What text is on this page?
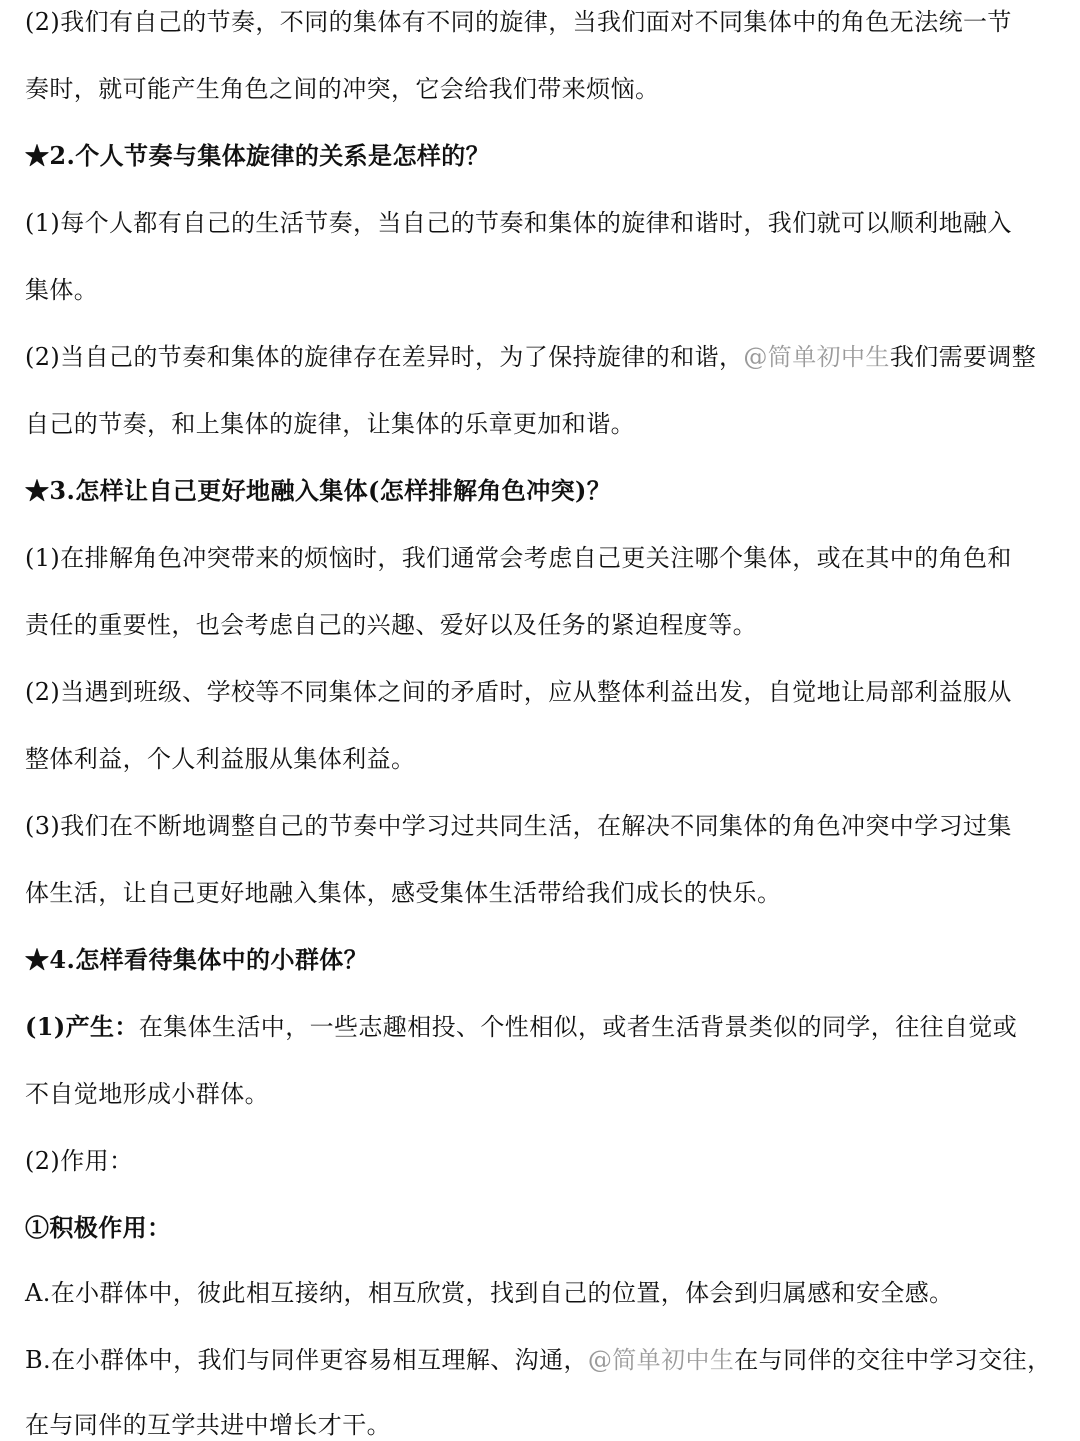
(2)我们有自己的节奏，不同的集体有不同的旋律，当我们面对不同集体中的角色无法统一节
奏时，就可能产生角色之间的冲突，它会给我们带来烦恼。
★2.个人节奏与集体旋律的关系是怎样的？
(1)每个人都有自己的生活节奏，当自己的节奏和集体的旋律和谐时，我们就可以顺利地融入
集体。
(2)当自己的节奏和集体的旋律存在差异时，为了保持旋律的和谐，@简单初中生我们需要调整
自己的节奏，和上集体的旋律，让集体的乐章更加和谐。
★3.怎样让自己更好地融入集体(怎样排解角色冲突)？
(1)在排解角色冲突带来的烦恼时，我们通常会考虑自己更关注哪个集体，或在其中的角色和
责任的重要性，也会考虑自己的兴趣、爱好以及任务的紧迫程度等。
(2)当遇到班级、学校等不同集体之间的矛盾时，应从整体利益出发，自觉地让局部利益服从
整体利益，个人利益服从集体利益。
(3)我们在不断地调整自己的节奏中学习过共同生活，在解决不同集体的角色冲突中学习过集
体生活，让自己更好地融入集体，感受集体生活带给我们成长的快乐。
★4.怎样看待集体中的小群体？
(1)产生：在集体生活中，一些志趣相投、个性相似，或者生活背景类似的同学，往往自觉或
不自觉地形成小群体。
(2)作用：
①积极作用：
A.在小群体中，彼此相互接纳，相互欣赏，找到自己的位置，体会到归属感和安全感。
B.在小群体中，我们与同伴更容易相互理解、沟通，@简单初中生在与同伴的交往中学习交往，
在与同伴的互学共进中增长才干。
